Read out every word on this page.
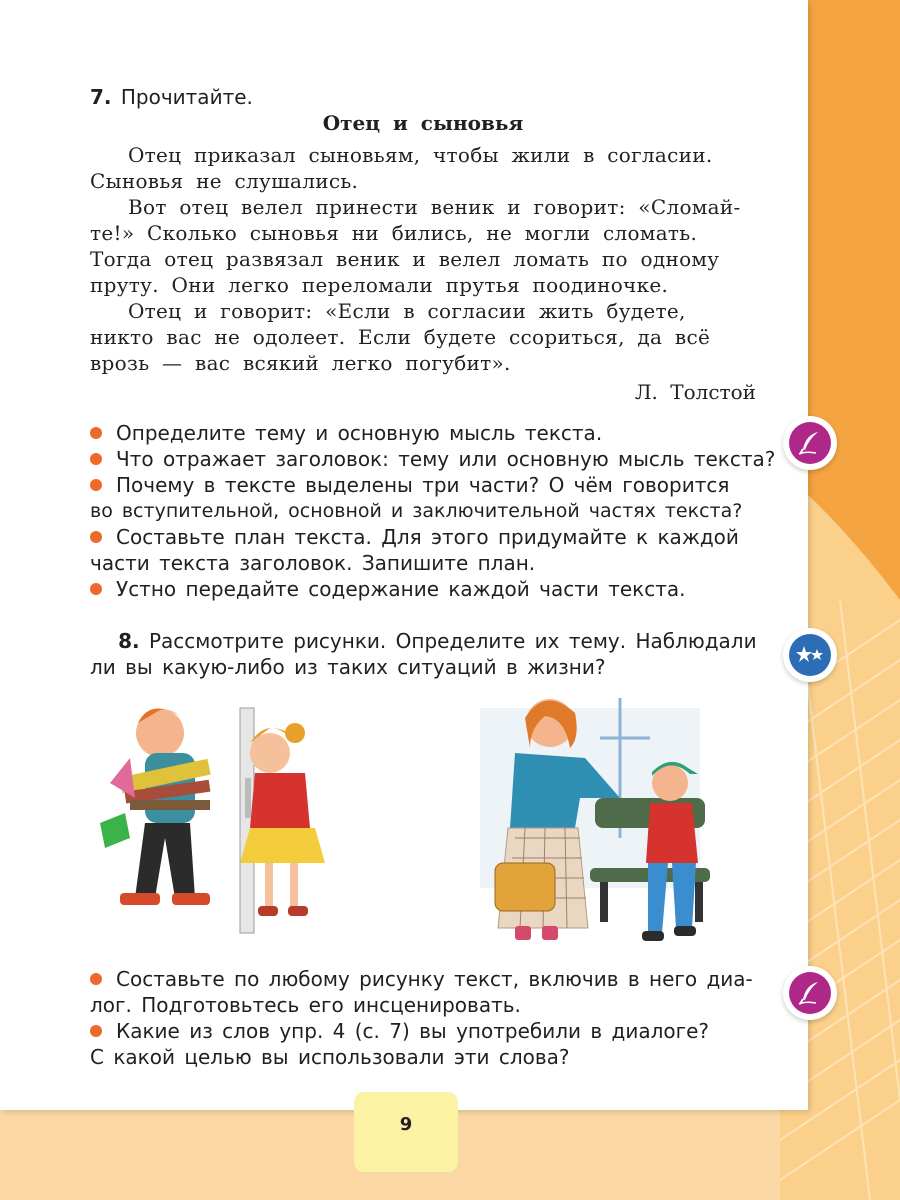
7. Прочитайте.
Отец и сыновья
Отец приказал сыновьям, чтобы жили в согласии.
Сыновья не слушались.
Вот отец велел принести веник и говорит: «Сломай-
те!» Сколько сыновья ни бились, не могли сломать.
Тогда отец развязал веник и велел ломать по одному
пруту. Они легко переломали прутья поодиночке.
Отец и говорит: «Если в согласии жить будете,
никто вас не одолеет. Если будете ссориться, да всё
врозь — вас всякий легко погубит».
Л. Толстой
Определите тему и основную мысль текста.
Что отражает заголовок: тему или основную мысль текста?
Почему в тексте выделены три части? О чём говорится
во вступительной, основной и заключительной частях текста?
Составьте план текста. Для этого придумайте к каждой
части текста заголовок. Запишите план.
Устно передайте содержание каждой части текста.
8. Рассмотрите рисунки. Определите их тему. Наблюдали
ли вы какую-либо из таких ситуаций в жизни?
Составьте по любому рисунку текст, включив в него диа-
лог. Подготовьтесь его инсценировать.
Какие из слов упр. 4 (с. 7) вы употребили в диалоге?
С какой целью вы использовали эти слова?
9
